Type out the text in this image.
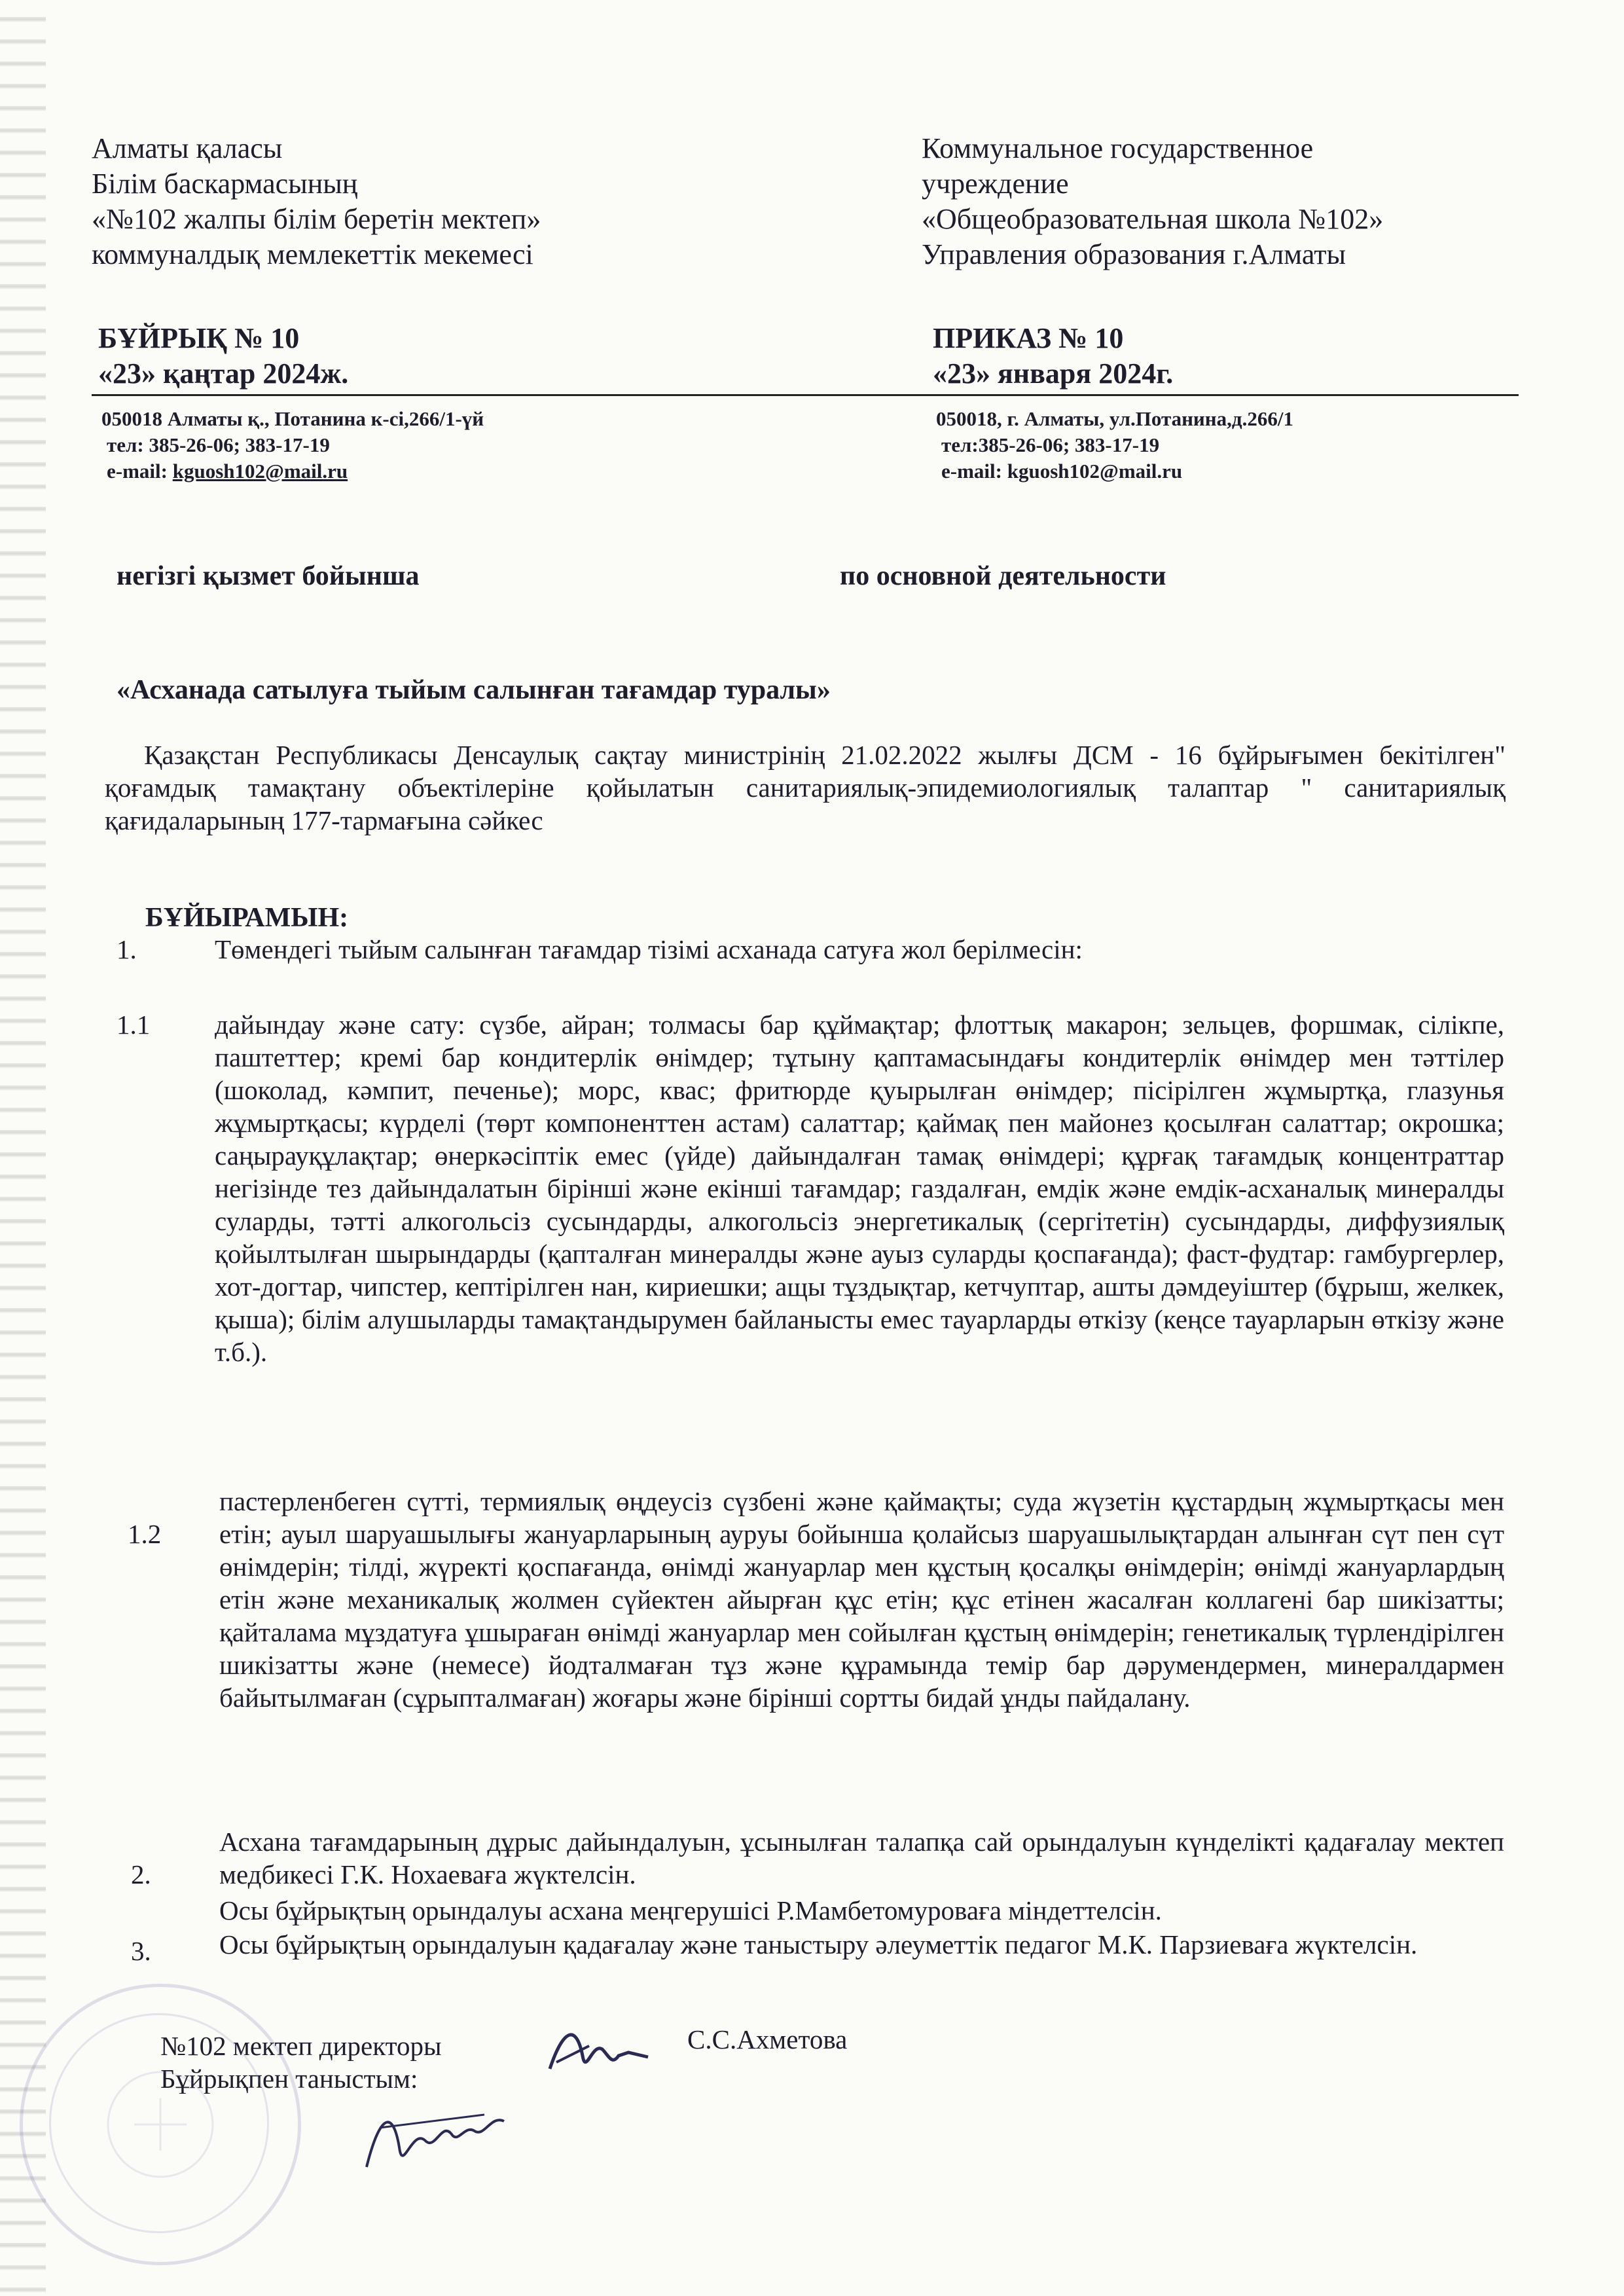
Алматы қаласы
Білім баскармасының
«№102 жалпы білім беретін мектеп»
коммуналдық мемлекеттік мекемесі
Коммунальное государственное
учреждение
«Общеобразовательная школа №102»
Управления образования г.Алматы
БҰЙРЫҚ № 10
«23» қаңтар 2024ж.
ПРИКАЗ № 10
«23» января 2024г.
050018 Алматы қ., Потанина к-сі,266/1-үй
тел: 385-26-06; 383-17-19
e-mail: kguosh102@mail.ru
050018, г. Алматы, ул.Потанина,д.266/1
тел:385-26-06; 383-17-19
e-mail: kguosh102@mail.ru
негізгі қызмет бойынша	по основной деятельности
«Асханада сатылуға тыйым салынған тағамдар туралы»
Қазақстан Республикасы Денсаулық сақтау министрінің 21.02.2022 жылғы ДСМ - 16 бұйрығымен бекітілген" қоғамдық тамақтану объектілеріне қойылатын санитариялық-эпидемиологиялық талаптар " санитариялық қағидаларының 177-тармағына сәйкес
БҰЙЫРАМЫН:
1.	Төмендегі тыйым салынған тағамдар тізімі асханада сатуға жол берілмесін:
1.1 дайындау және сату: сүзбе, айран; толмасы бар құймақтар; флоттық макарон; зельцев, форшмак, сілікпе, паштеттер; кремі бар кондитерлік өнімдер; тұтыну қаптамасындағы кондитерлік өнімдер мен тәттілер (шоколад, кәмпит, печенье); морс, квас; фритюрде қуырылған өнімдер; пісірілген жұмыртқа, глазунья жұмыртқасы; күрделі (төрт компоненттен астам) салаттар; қаймақ пен майонез қосылған салаттар; окрошка; саңырауқұлақтар; өнеркәсіптік емес (үйде) дайындалған тамақ өнімдері; құрғақ тағамдық концентраттар негізінде тез дайындалатын бірінші және екінші тағамдар; газдалған, емдік және емдік-асханалық минералды суларды, тәтті алкогольсіз сусындарды, алкогольсіз энергетикалық (сергітетін) сусындарды, диффузиялық қойылтылған шырындарды (қапталған минералды және ауыз суларды қоспағанда); фаст-фудтар: гамбургерлер, хот-догтар, чипстер, кептірілген нан, кириешки; ащы тұздықтар, кетчуптар, ашты дәмдеуіштер (бұрыш, желкек, қыша); білім алушыларды тамақтандырумен байланысты емес тауарларды өткізу (кеңсе тауарларын өткізу және т.б.).
1.2
пастерленбеген сүтті, термиялық өңдеусіз сүзбені және қаймақты; суда жүзетін құстардың жұмыртқасы мен етін; ауыл шаруашылығы жануарларының ауруы бойынша қолайсыз шаруашылықтардан алынған сүт пен сүт өнімдерін; тілді, жүректі қоспағанда, өнімді жануарлар мен құстың қосалқы өнімдерін; өнімді жануарлардың етін және механикалық жолмен сүйектен айырған құс етін; құс етінен жасалған коллагені бар шикізатты; қайталама мұздатуға ұшыраған өнімді жануарлар мен сойылған құстың өнімдерін; генетикалық түрлендірілген шикізатты және (немесе) йодталмаған тұз және құрамында темір бар дәрумендермен, минералдармен байытылмаған (сұрыпталмаған) жоғары және бірінші сортты бидай ұнды пайдалану.
2.
Асхана тағамдарының дұрыс дайындалуын, ұсынылған талапқа сай орындалуын күнделікті қадағалау мектеп медбикесі Г.К. Нохаеваға жүктелсін.
3.
Осы бұйрықтың орындалуы асхана меңгерушісі Р.Мамбетомуроваға міндеттелсін.
Осы бұйрықтың орындалуын қадағалау және таныстыру әлеуметтік педагог М.К. Парзиеваға жүктелсін.
№102 мектеп директоры	С.С.Ахметова
Бұйрықпен таныстым:
